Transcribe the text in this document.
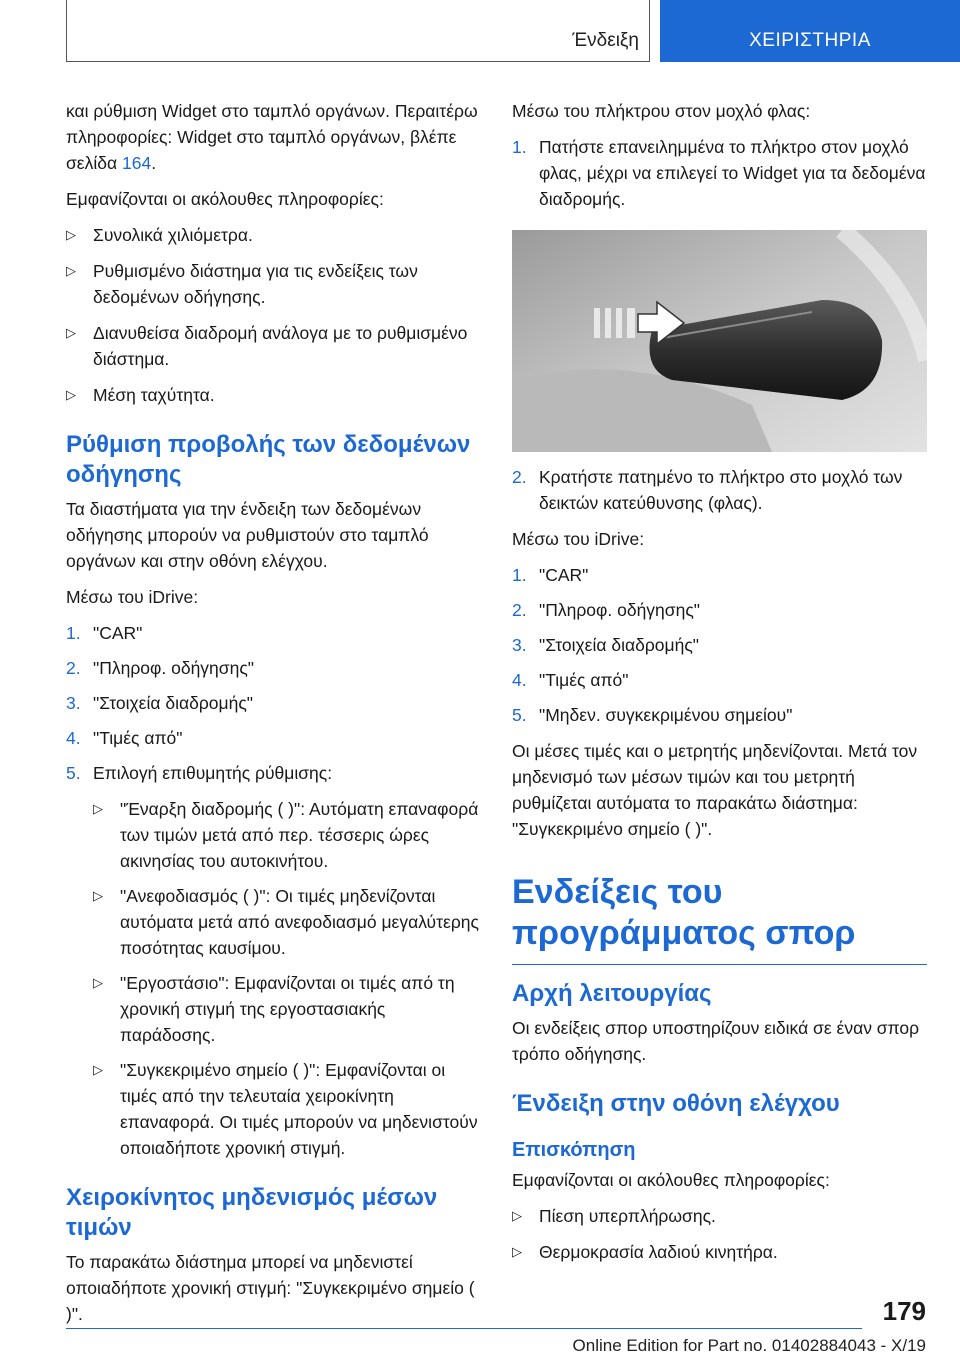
Ένδειξη	ΧΕΙΡΙΣΤΗΡΙΑ

και ρύθμιση Widget στο ταμπλό οργάνων. Περαιτέρω πληροφορίες: Widget στο ταμπλό οργάνων, βλέπε σελίδα 164.

Εμφανίζονται οι ακόλουθες πληροφορίες:

▷ Συνολικά χιλιόμετρα.
▷ Ρυθμισμένο διάστημα για τις ενδείξεις των δεδομένων οδήγησης.
▷ Διανυθείσα διαδρομή ανάλογα με το ρυθμισμένο διάστημα.
▷ Μέση ταχύτητα.
Ρύθμιση προβολής των δεδομένων οδήγησης

Τα διαστήματα για την ένδειξη των δεδομένων οδήγησης μπορούν να ρυθμιστούν στο ταμπλό οργάνων και στην οθόνη ελέγχου.

Μέσω του iDrive:

1. "CAR"
2. "Πληροφ. οδήγησης"
3. "Στοιχεία διαδρομής"
4. "Τιμές από"
5. Επιλογή επιθυμητής ρύθμισης:
▷ "Έναρξη διαδρομής ( )": Αυτόματη επαναφορά των τιμών μετά από περ. τέσσερις ώρες ακινησίας του αυτοκινήτου.
▷ "Ανεφοδιασμός ( )": Οι τιμές μηδενίζονται αυτόματα μετά από ανεφοδιασμό μεγαλύτερης ποσότητας καυσίμου.
▷ "Εργοστάσιο": Εμφανίζονται οι τιμές από τη χρονική στιγμή της εργοστασιακής παράδοσης.
▷ "Συγκεκριμένο σημείο ( )": Εμφανίζονται οι τιμές από την τελευταία χειροκίνητη επαναφορά. Οι τιμές μπορούν να μηδενιστούν οποιαδήποτε χρονική στιγμή.
Χειροκίνητος μηδενισμός μέσων τιμών

Το παρακάτω διάστημα μπορεί να μηδενιστεί οποιαδήποτε χρονική στιγμή: "Συγκεκριμένο σημείο ( )".

Μέσω του πλήκτρου στον μοχλό φλας:

1. Πατήστε επανειλημμένα το πλήκτρο στον μοχλό φλας, μέχρι να επιλεγεί το Widget για τα δεδομένα διαδρομής.
2. Κρατήστε πατημένο το πλήκτρο στο μοχλό των δεικτών κατεύθυνσης (φλας).

Μέσω του iDrive:

1. "CAR"
2. "Πληροφ. οδήγησης"
3. "Στοιχεία διαδρομής"
4. "Τιμές από"
5. "Μηδεν. συγκεκριμένου σημείου"

Οι μέσες τιμές και ο μετρητής μηδενίζονται. Μετά τον μηδενισμό των μέσων τιμών και του μετρητή ρυθμίζεται αυτόματα το παρακάτω διάστημα: "Συγκεκριμένο σημείο ( )".

Ενδείξεις του προγράμματος σπορ
Αρχή λειτουργίας

Οι ενδείξεις σπορ υποστηρίζουν ειδικά σε έναν σπορ τρόπο οδήγησης.

Ένδειξη στην οθόνη ελέγχου
Επισκόπηση

Εμφανίζονται οι ακόλουθες πληροφορίες:

▷ Πίεση υπερπλήρωσης.
▷ Θερμοκρασία λαδιού κινητήρα.
179
Online Edition for Part no. 01402884043 - X/19
